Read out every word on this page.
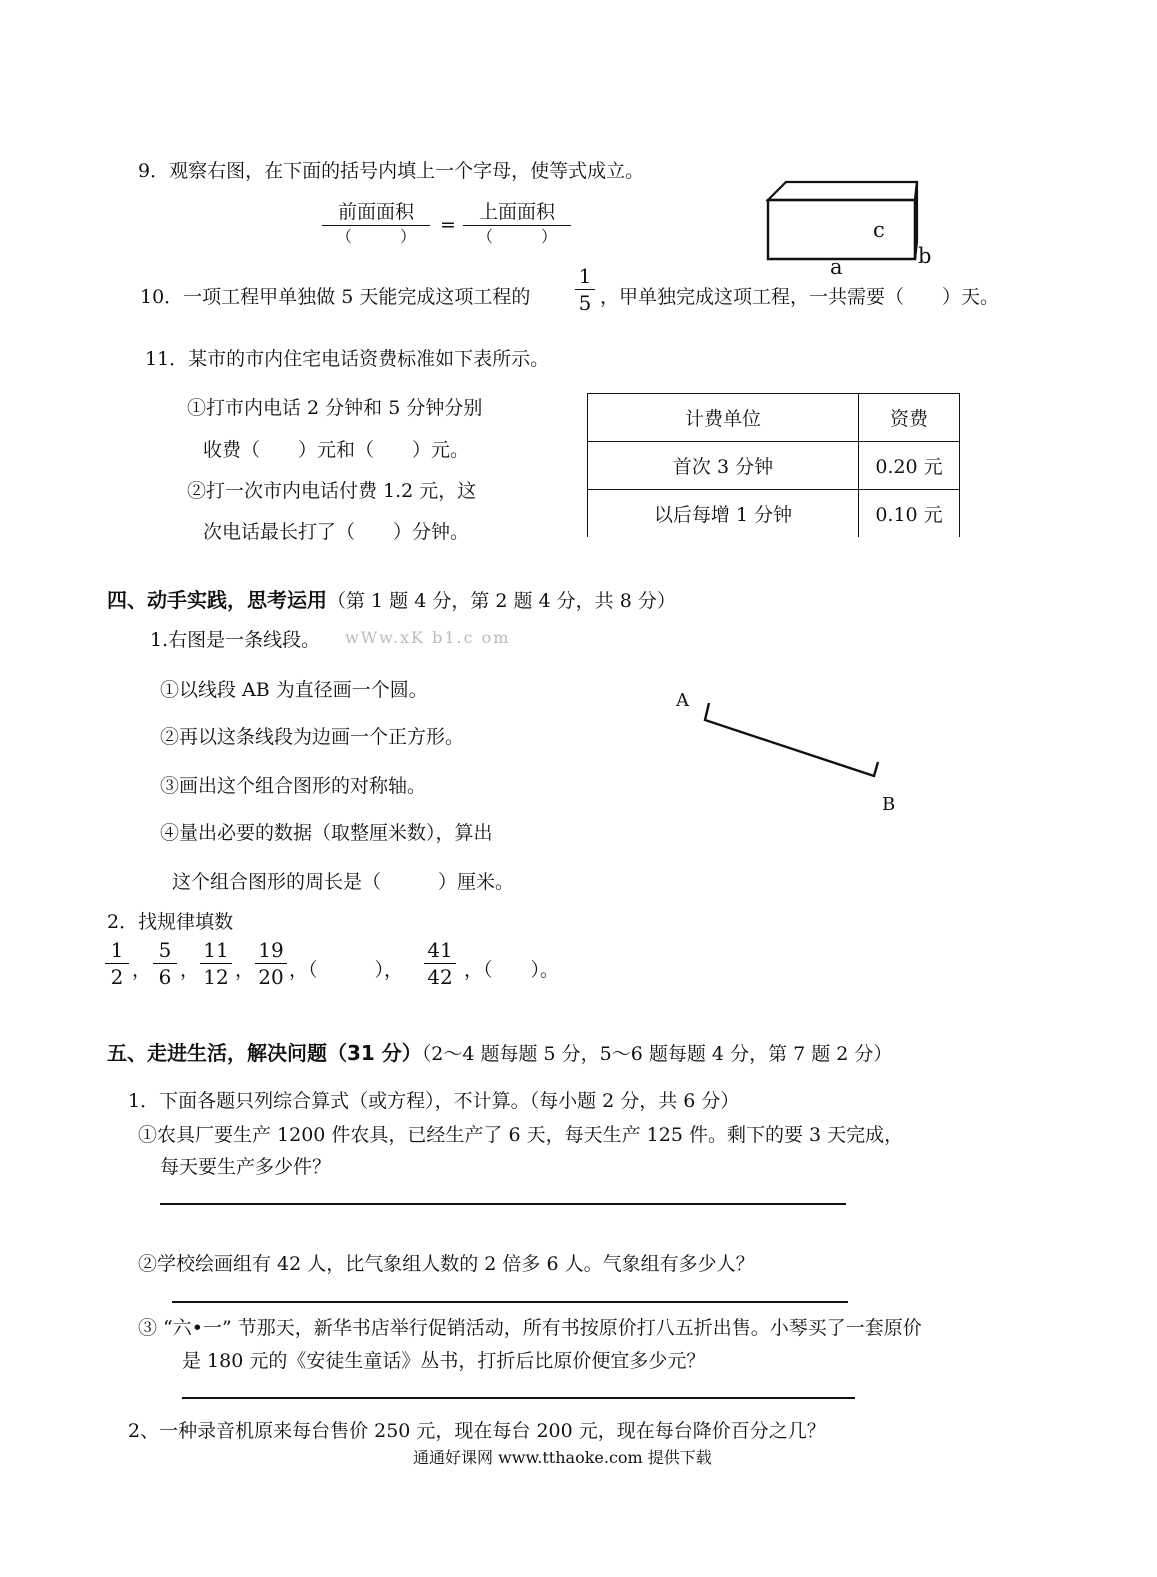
9．观察右图，在下面的括号内填上一个字母，使等式成立。
前面面积
（　　　）
=
上面面积
（　　　）	c
b
a
10．一项工程甲单独做 5 天能完成这项工程的 $\frac{1}{5}$ ，甲单独完成这项工程，一共需要（　　）天。
11．某市的市内住宅电话资费标准如下表所示。
①打市内电话 2 分钟和 5 分钟分别
收费（　　）元和（　　）元。
②打一次市内电话付费 1.2 元，这
次电话最长打了（　　）分钟。
计费单位	资费
首次 3 分钟	0.20 元
以后每增 1 分钟	0.10 元
四、动手实践，思考运用（第 1 题 4 分，第 2 题 4 分，共 8 分）
1.右图是一条线段。 wWw.xK b1.c om
①以线段 AB 为直径画一个圆。
②再以这条线段为边画一个正方形。
③画出这个组合图形的对称轴。
④量出必要的数据（取整厘米数），算出
这个组合图形的周长是（　　　）厘米。
A
B
2．找规律填数
$\frac{1}{2}$ ， $\frac{5}{6}$ ， $\frac{11}{12}$ ， $\frac{19}{20}$ ，（　　　）， $\frac{41}{42}$ ，（　　）。
五、走进生活，解决问题（31 分）（2～4 题每题 5 分，5～6 题每题 4 分，第 7 题 2 分）
1．下面各题只列综合算式（或方程），不计算。（每小题 2 分，共 6 分）
①农具厂要生产 1200 件农具，已经生产了 6 天，每天生产 125 件。剩下的要 3 天完成，
每天要生产多少件？
②学校绘画组有 42 人，比气象组人数的 2 倍多 6 人。气象组有多少人？
③ “六•一” 节那天，新华书店举行促销活动，所有书按原价打八五折出售。小琴买了一套原价
是 180 元的《安徒生童话》丛书，打折后比原价便宜多少元？
2、一种录音机原来每台售价 250 元，现在每台 200 元，现在每台降价百分之几？
通通好课网 www.tthaoke.com 提供下载
